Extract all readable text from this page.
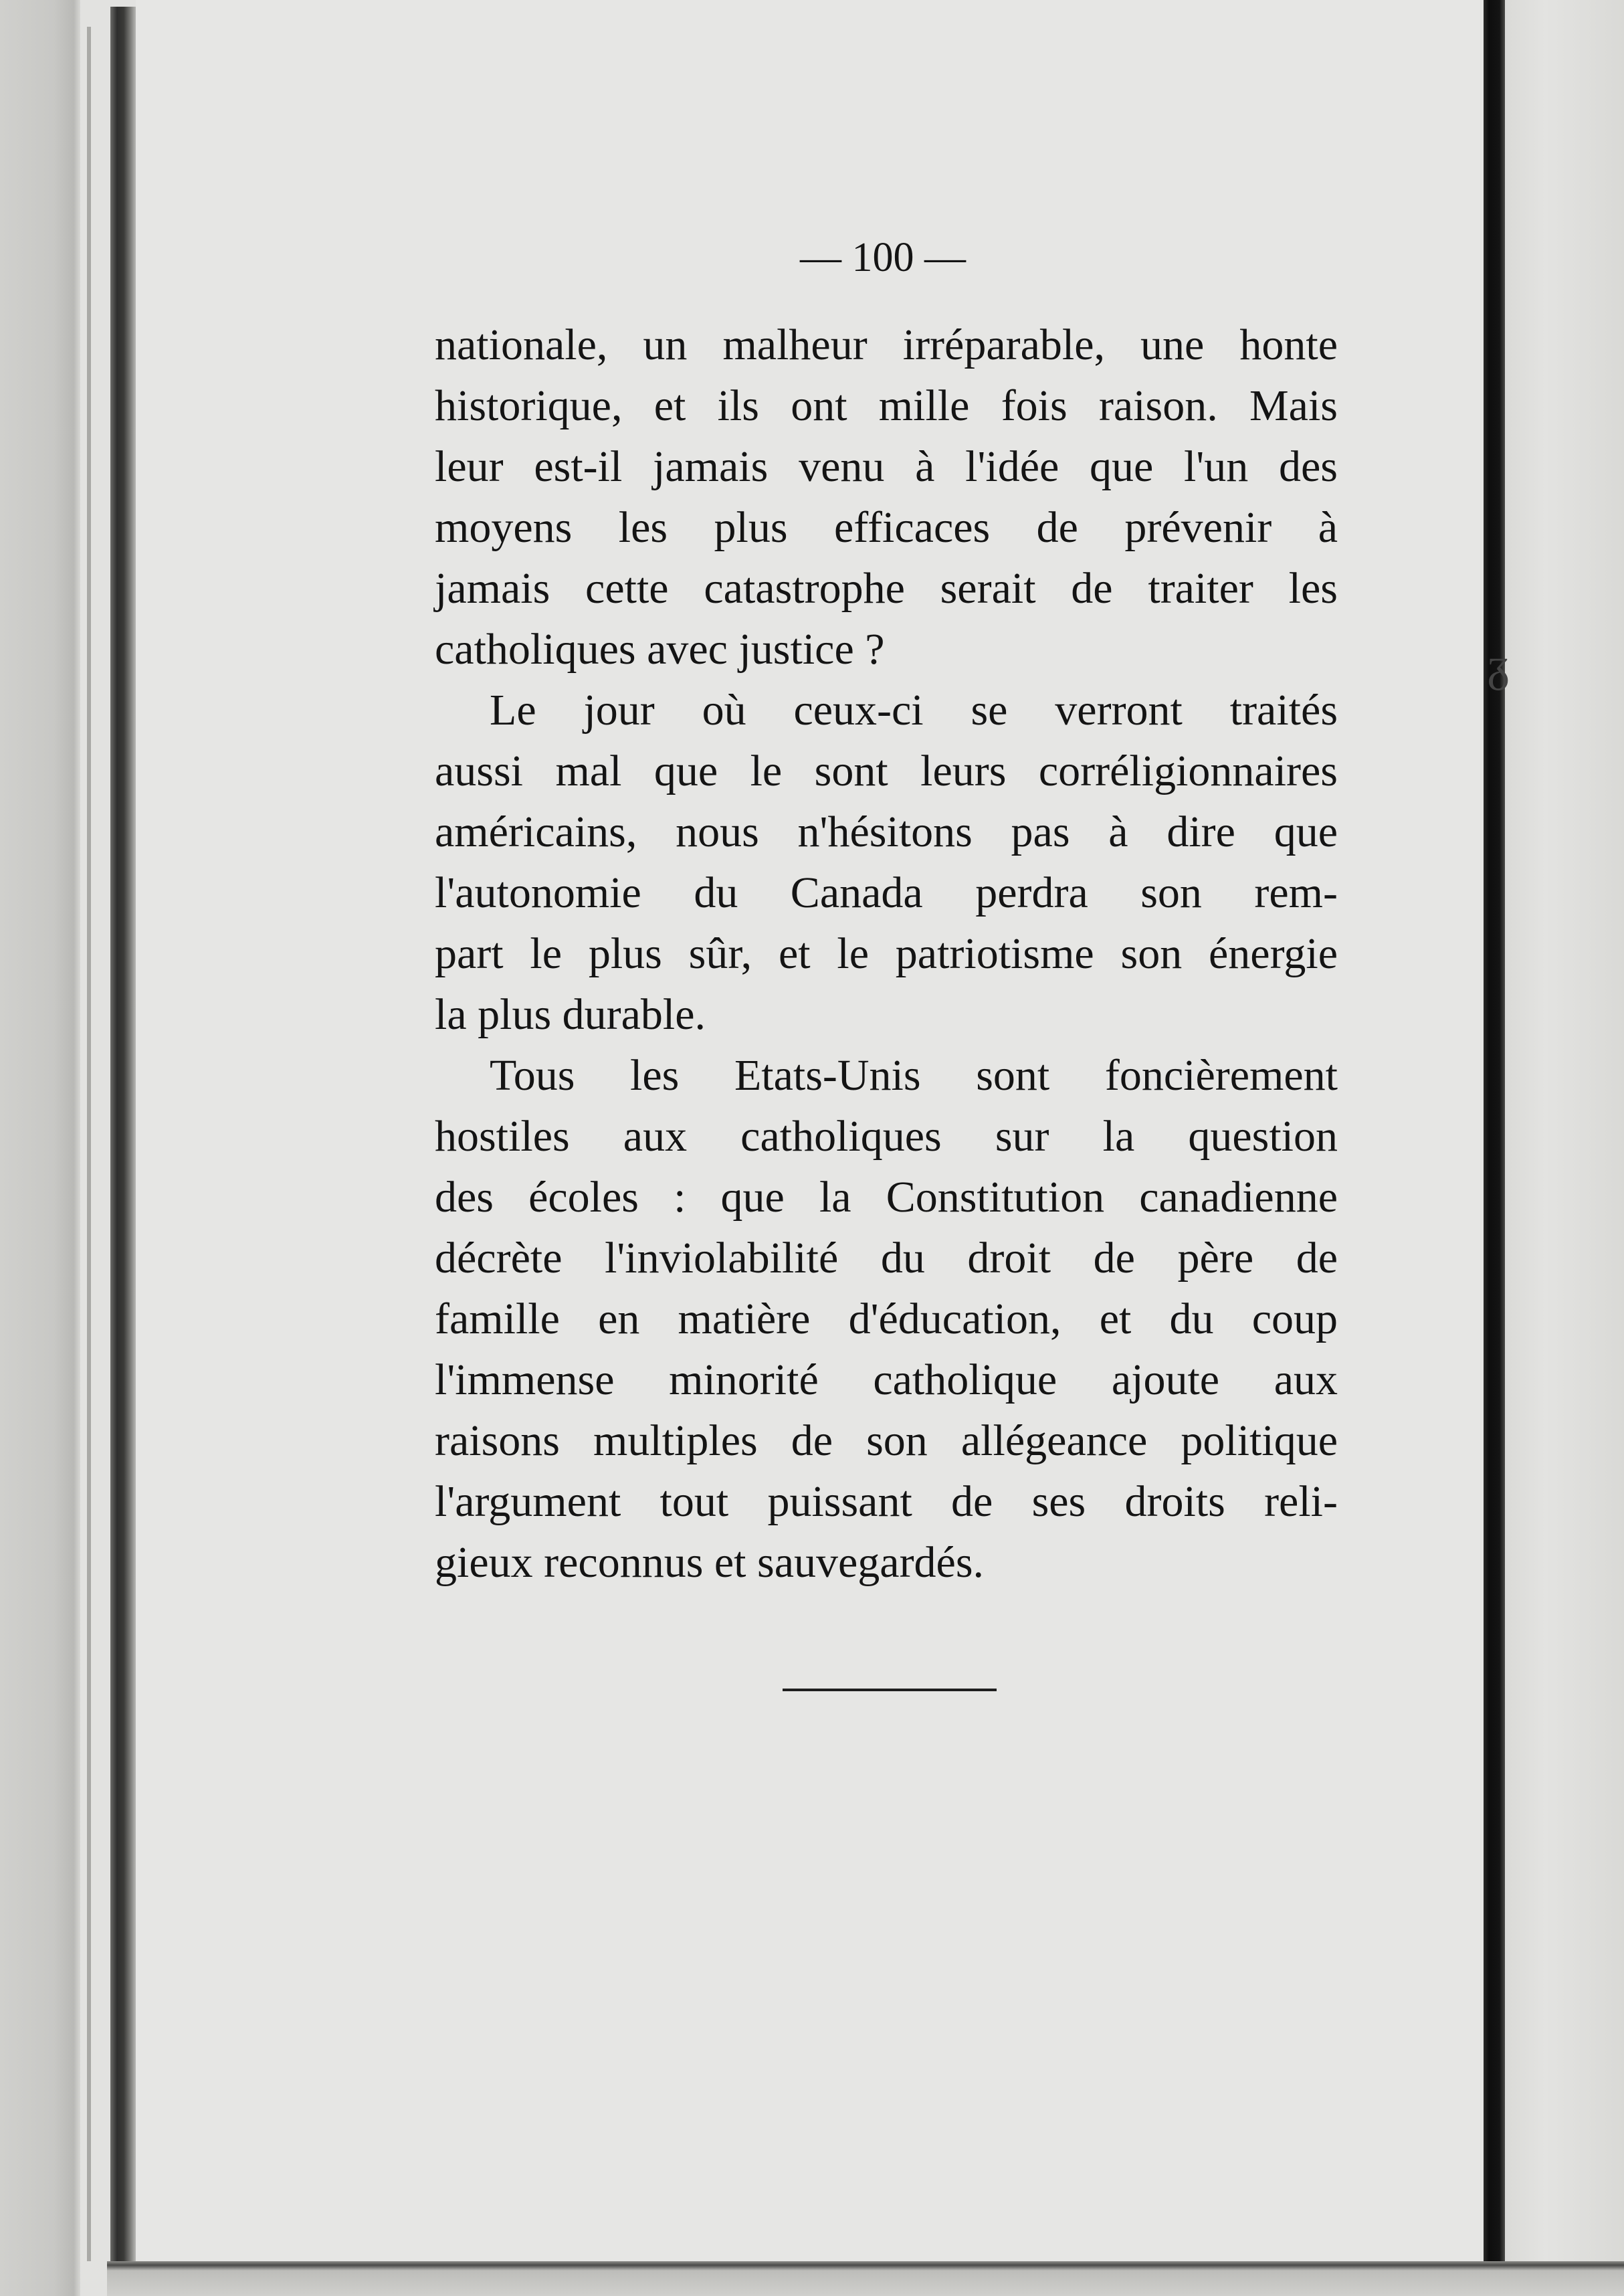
ᵹ
— 100 —
nationale, un malheur irréparable, une honte
historique, et ils ont mille fois raison. Mais
leur est-il jamais venu à l'idée que l'un des
moyens les plus efficaces de prévenir à
jamais cette catastrophe serait de traiter les
catholiques avec justice ?
Le jour où ceux-ci se verront traités
aussi mal que le sont leurs corréligionnaires
américains, nous n'hésitons pas à dire que
l'autonomie du Canada perdra son rem-
part le plus sûr, et le patriotisme son énergie
la plus durable.
Tous les Etats-Unis sont foncièrement
hostiles aux catholiques sur la question
des écoles : que la Constitution canadienne
décrète l'inviolabilité du droit de père de
famille en matière d'éducation, et du coup
l'immense minorité catholique ajoute aux
raisons multiples de son allégeance politique
l'argument tout puissant de ses droits reli-
gieux reconnus et sauvegardés.
